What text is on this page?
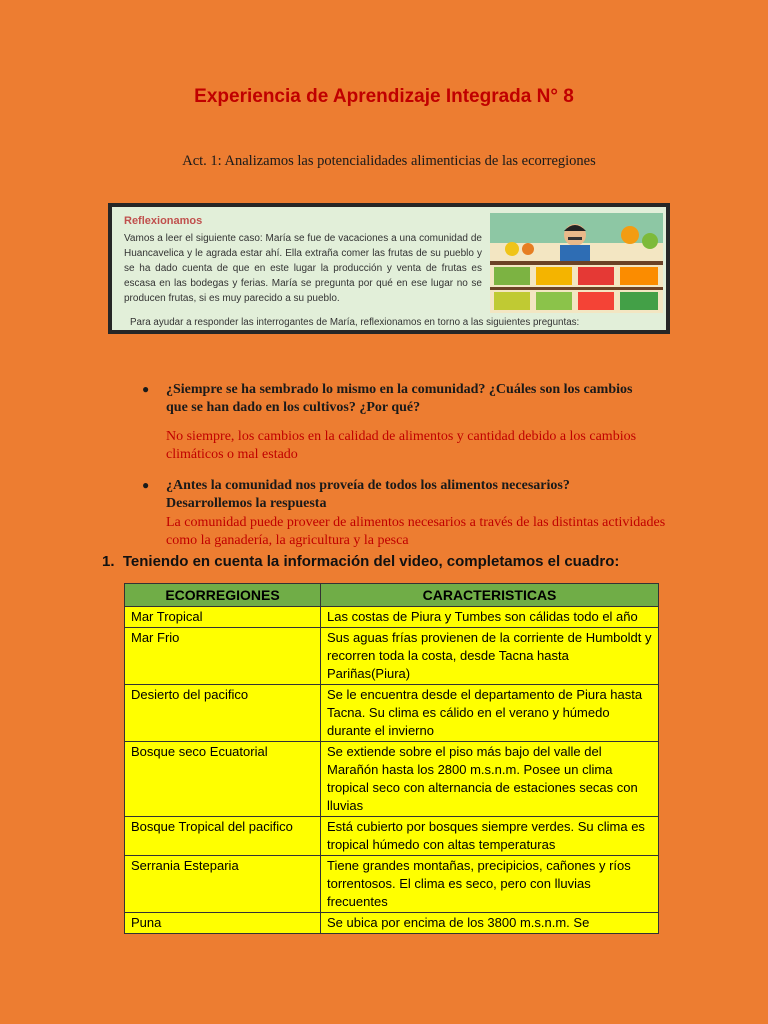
Experiencia de Aprendizaje Integrada N° 8
Act. 1: Analizamos las potencialidades alimenticias de las ecorregiones
Reflexionamos
Vamos a leer el siguiente caso: María se fue de vacaciones a una comunidad de Huancavelica y le agrada estar ahí. Ella extraña comer las frutas de su pueblo y se ha dado cuenta de que en este lugar la producción y venta de frutas es escasa en las bodegas y ferias. María se pregunta por qué en ese lugar no se producen frutas, si es muy parecido a su pueblo.
Para ayudar a responder las interrogantes de María, reflexionamos en torno a las siguientes preguntas:
● ¿Siempre se ha sembrado lo mismo en la comunidad? ¿Cuáles son los cambios que se han dado en los cultivos? ¿Por qué?
No siempre, los cambios en la calidad de alimentos y cantidad debido a los cambios climáticos o mal estado
● ¿Antes la comunidad nos proveía de todos los alimentos necesarios? Desarrollemos la respuesta
La comunidad puede proveer de alimentos necesarios a través de las distintas actividades como la ganadería, la agricultura y la pesca
1. Teniendo en cuenta la información del video, completamos el cuadro:
ECORREGIONES	CARACTERISTICAS
Mar Tropical	Las costas de Piura y Tumbes son cálidas todo el año
Mar Frio	Sus aguas frías provienen de la corriente de Humboldt y recorren toda la costa, desde Tacna hasta Pariñas(Piura)
Desierto del pacifico	Se le encuentra desde el departamento de Piura hasta Tacna. Su clima es cálido en el verano y húmedo durante el invierno
Bosque seco Ecuatorial	Se extiende sobre el piso más bajo del valle del Marañón hasta los 2800 m.s.n.m. Posee un clima tropical seco con alternancia de estaciones secas con lluvias
Bosque Tropical del pacifico	Está cubierto por bosques siempre verdes. Su clima es tropical húmedo con altas temperaturas
Serrania Esteparia	Tiene grandes montañas, precipicios, cañones y ríos torrentosos. El clima es seco, pero con lluvias frecuentes
Puna	Se ubica por encima de los 3800 m.s.n.m. Se
